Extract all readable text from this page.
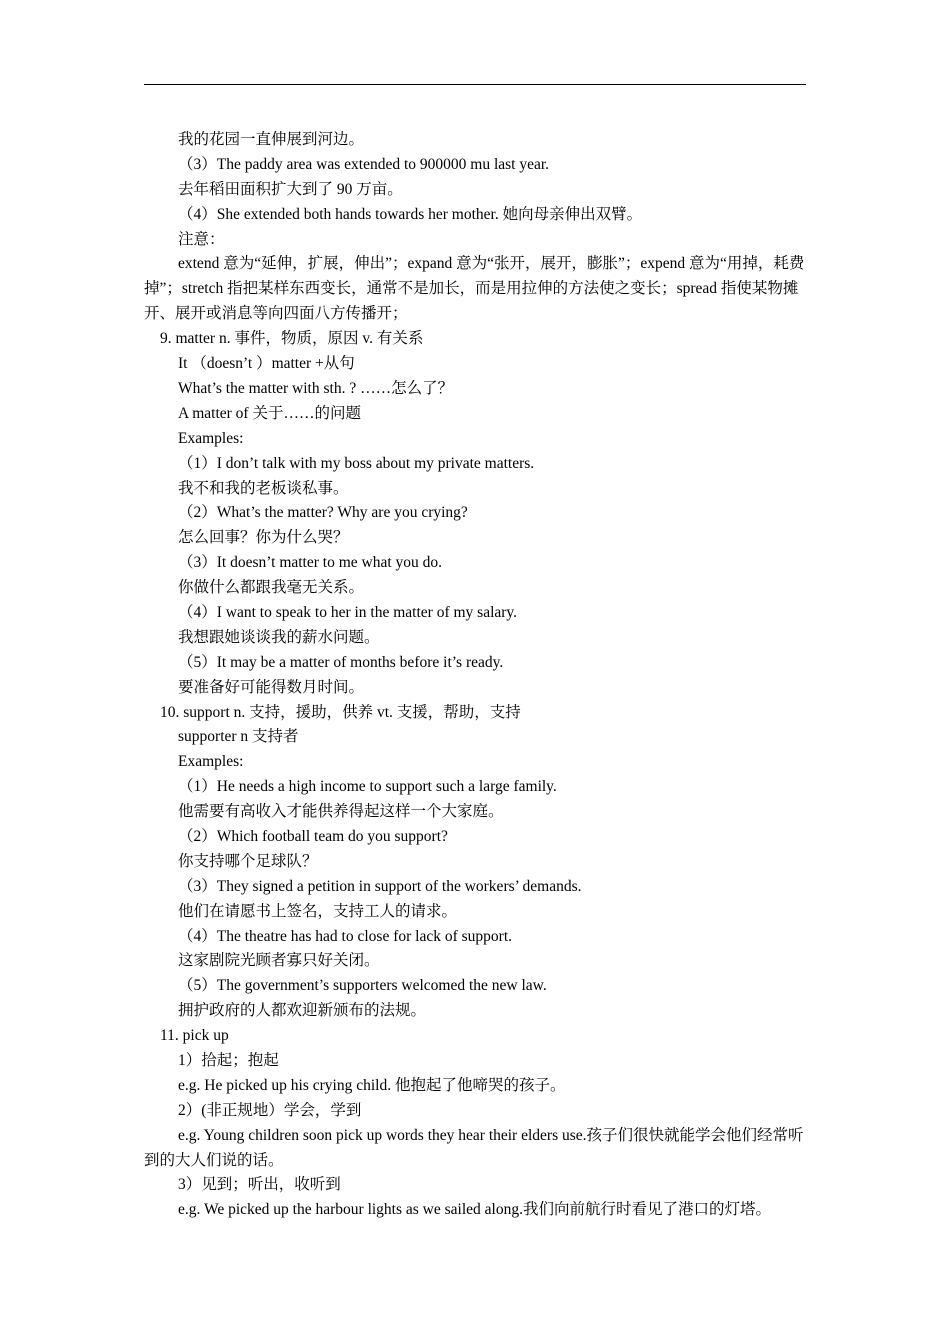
我的花园一直伸展到河边。
（3）The paddy area was extended to 900000 mu last year.
去年稻田面积扩大到了 90 万亩。
（4）She extended both hands towards her mother. 她向母亲伸出双臂。
注意：
extend 意为“延伸，扩展，伸出”；expand 意为“张开，展开，膨胀”；expend 意为“用掉，耗费掉”；stretch 指把某样东西变长，通常不是加长，而是用拉伸的方法使之变长；spread 指使某物摊开、展开或消息等向四面八方传播开；
9. matter n. 事件，物质，原因 v. 有关系
It （doesn’t ）matter +从句
What’s the matter with sth. ? ……怎么了？
A matter of 关于……的问题
Examples:
（1）I don’t talk with my boss about my private matters.
我不和我的老板谈私事。
（2）What’s the matter? Why are you crying?
怎么回事？你为什么哭？
（3）It doesn’t matter to me what you do.
你做什么都跟我毫无关系。
（4）I want to speak to her in the matter of my salary.
我想跟她谈谈我的薪水问题。
（5）It may be a matter of months before it’s ready.
要准备好可能得数月时间。
10. support n. 支持，援助，供养 vt. 支援，帮助，支持
supporter n 支持者
Examples:
（1）He needs a high income to support such a large family.
他需要有高收入才能供养得起这样一个大家庭。
（2）Which football team do you support?
你支持哪个足球队？
（3）They signed a petition in support of the workers’ demands.
他们在请愿书上签名，支持工人的请求。
（4）The theatre has had to close for lack of support.
这家剧院光顾者寡只好关闭。
（5）The government’s supporters welcomed the new law.
拥护政府的人都欢迎新颁布的法规。
11. pick up
1）拾起；抱起
e.g. He picked up his crying child. 他抱起了他啼哭的孩子。
2）(非正规地）学会，学到
e.g. Young children soon pick up words they hear their elders use.孩子们很快就能学会他们经常听到的大人们说的话。
3）见到；听出，收听到
e.g. We picked up the harbour lights as we sailed along.我们向前航行时看见了港口的灯塔。
